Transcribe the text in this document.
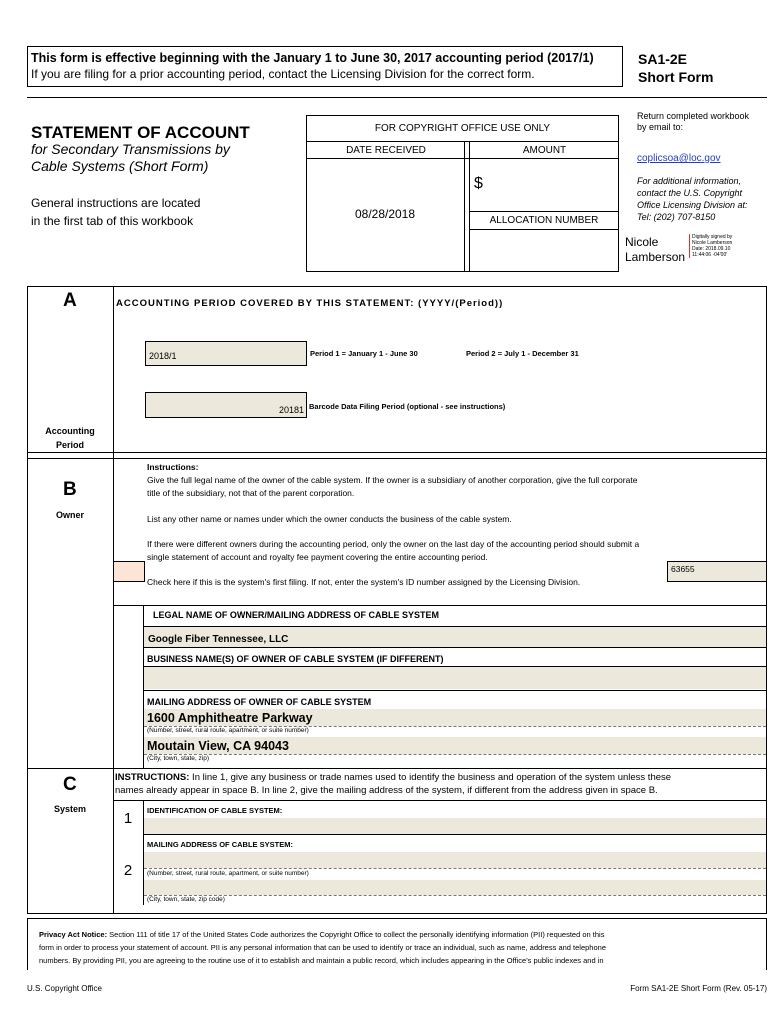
This form is effective beginning with the January 1 to June 30, 2017 accounting period (2017/1)
If you are filing for a prior accounting period, contact the Licensing Division for the correct form.
SA1-2E
Short Form
STATEMENT OF ACCOUNT
for Secondary Transmissions by
Cable Systems (Short Form)
General instructions are located
in the first tab of this workbook
FOR COPYRIGHT OFFICE USE ONLY
DATE RECEIVED	AMOUNT
08/28/2018
$
ALLOCATION NUMBER
Return completed workbook
by email to:
coplicsoa@loc.gov
For additional information,
contact the U.S. Copyright
Office Licensing Division at:
Tel: (202) 707-8150
Nicole
Lamberson
Digitally signed by
Nicole Lamberson
Date: 2018.09.10
11:44:06 -04'00'
A
Accounting
Period
ACCOUNTING PERIOD COVERED BY THIS STATEMENT: (YYYY/(Period))
2018/1	Period 1 = January 1 - June 30	Period 2 = July 1 - December 31
20181 Barcode Data Filing Period (optional - see instructions)
B
Owner
Instructions:
Give the full legal name of the owner of the cable system. If the owner is a subsidiary of another corporation, give the full corporate
title of the subsidiary, not that of the parent corporation.
List any other name or names under which the owner conducts the business of the cable system.
If there were different owners during the accounting period, only the owner on the last day of the accounting period should submit a
single statement of account and royalty fee payment covering the entire accounting period.
Check here if this is the system's first filing. If not, enter the system's ID number assigned by the Licensing Division.
63655
LEGAL NAME OF OWNER/MAILING ADDRESS OF CABLE SYSTEM
Google Fiber Tennessee, LLC
BUSINESS NAME(S) OF OWNER OF CABLE SYSTEM (IF DIFFERENT)
MAILING ADDRESS OF OWNER OF CABLE SYSTEM
1600 Amphitheatre Parkway
(Number, street, rural route, apartment, or suite number)
Moutain View, CA 94043
(City, town, state, zip)
C
System
INSTRUCTIONS: In line 1, give any business or trade names used to identify the business and operation of the system unless these
names already appear in space B. In line 2, give the mailing address of the system, if different from the address given in space B.
1	IDENTIFICATION OF CABLE SYSTEM:
MAILING ADDRESS OF CABLE SYSTEM:
2	(Number, street, rural route, apartment, or suite number)
(City, town, state, zip code)
Privacy Act Notice: Section 111 of title 17 of the United States Code authorizes the Copyright Office to collect the personally identifying information (PII) requested on this
form in order to process your statement of account. PII is any personal information that can be used to identify or trace an individual, such as name, address and telephone
numbers. By providing PII, you are agreeing to the routine use of it to establish and maintain a public record, which includes appearing in the Office's public indexes and in
U.S. Copyright Office	Form SA1-2E Short Form (Rev. 05-17)
